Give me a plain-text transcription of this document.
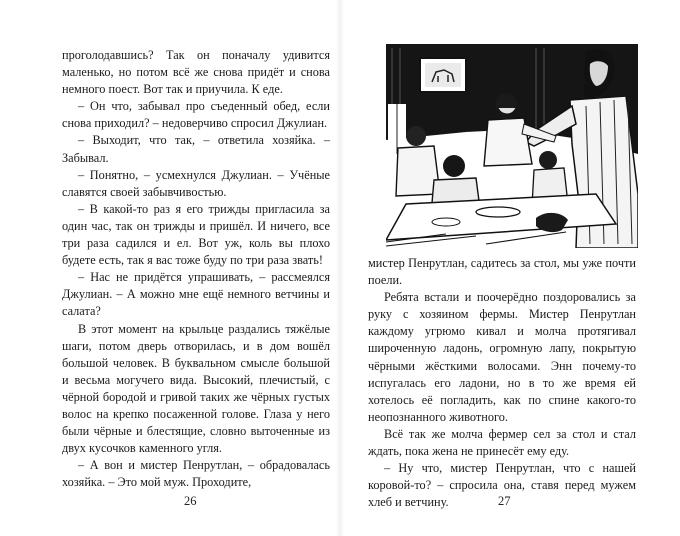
проголодавшись? Так он поначалу удивится маленько, но потом всё же снова придёт и снова немного поест. Вот так и приучила. К еде.

– Он что, забывал про съеденный обед, если снова приходил? – недоверчиво спросил Джулиан.

– Выходит, что так, – ответила хозяйка. – Забывал.

– Понятно, – усмехнулся Джулиан. – Учёные славятся своей забывчивостью.

– В какой-то раз я его трижды пригласила за один час, так он трижды и пришёл. И ничего, все три раза садился и ел. Вот уж, коль вы плохо будете есть, так я вас тоже буду по три раза звать!

– Нас не придётся упрашивать, – рассмеялся Джулиан. – А можно мне ещё немного ветчины и салата?

В этот момент на крыльце раздались тяжёлые шаги, потом дверь отворилась, и в дом вошёл большой человек. В буквальном смысле большой и весьма могучего вида. Высокий, плечистый, с чёрной бородой и гривой таких же чёрных густых волос на крепко посаженной голове. Глаза у него были чёрные и блестящие, словно выточенные из двух кусочков каменного угля.

– А вон и мистер Пенрутлан, – обрадовалась хозяйка. – Это мой муж. Проходите,

26

мистер Пенрутлан, садитесь за стол, мы уже почти поели.

Ребята встали и поочерёдно поздоровались за руку с хозяином фермы. Мистер Пенрутлан каждому угрюмо кивал и молча протягивал широченную ладонь, огромную лапу, покрытую чёрными жёсткими волосами. Энн почему-то испугалась его ладони, но в то же время ей хотелось её погладить, как по спине какого-то неопознанного животного.

Всё так же молча фермер сел за стол и стал ждать, пока жена не принесёт ему еду.

– Ну что, мистер Пенрутлан, что с нашей коровой-то? – спросила она, ставя перед мужем хлеб и ветчину.	27
